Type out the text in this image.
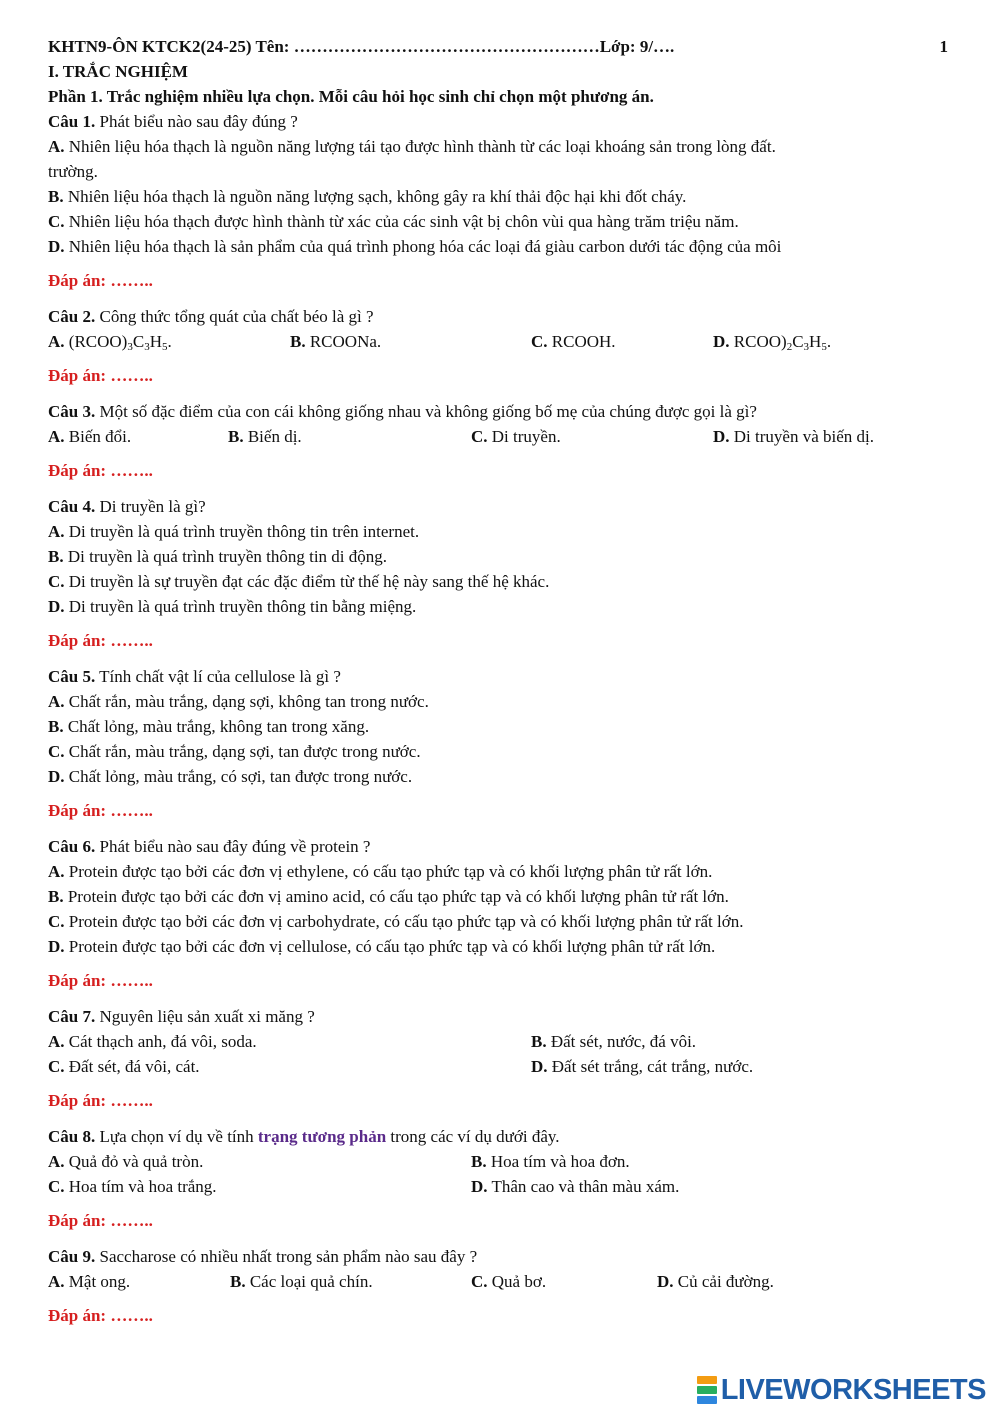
KHTN9-ÔN KTCK2(24-25) Tên: ………………………………………………Lớp: 9/….	1
I. TRẮC NGHIỆM
Phần 1. Trắc nghiệm nhiều lựa chọn. Mỗi câu hỏi học sinh chỉ chọn một phương án.
Câu 1. Phát biểu nào sau đây đúng ?
A. Nhiên liệu hóa thạch là nguồn năng lượng tái tạo được hình thành từ các loại khoáng sản trong lòng đất.
trường.
B. Nhiên liệu hóa thạch là nguồn năng lượng sạch, không gây ra khí thải độc hại khi đốt cháy.
C. Nhiên liệu hóa thạch được hình thành từ xác của các sinh vật bị chôn vùi qua hàng trăm triệu năm.
D. Nhiên liệu hóa thạch là sản phẩm của quá trình phong hóa các loại đá giàu carbon dưới tác động của môi
Đáp án: ……..
Câu 2. Công thức tổng quát của chất béo là gì ?
A. $(RCOO)_3C_3H_5$.	B. RCOONa.	C. RCOOH.	D. $RCOO)_2C_3H_5$.

Đáp án: ……..
Câu 3. Một số đặc điểm của con cái không giống nhau và không giống bố mẹ của chúng được gọi là gì?
A. Biến đổi.	B. Biến dị.	C. Di truyền.	D. Di truyền và biến dị.

Đáp án: ……..
Câu 4. Di truyền là gì?
A. Di truyền là quá trình truyền thông tin trên internet.
B. Di truyền là quá trình truyền thông tin di động.
C. Di truyền là sự truyền đạt các đặc điểm từ thế hệ này sang thế hệ khác.
D. Di truyền là quá trình truyền thông tin bằng miệng.
Đáp án: ……..
Câu 5. Tính chất vật lí của cellulose là gì ?
A. Chất rắn, màu trắng, dạng sợi, không tan trong nước.
B. Chất lỏng, màu trắng, không tan trong xăng.
C. Chất rắn, màu trắng, dạng sợi, tan được trong nước.
D. Chất lỏng, màu trắng, có sợi, tan được trong nước.
Đáp án: ……..
Câu 6. Phát biểu nào sau đây đúng về protein ?
A. Protein được tạo bởi các đơn vị ethylene, có cấu tạo phức tạp và có khối lượng phân tử rất lớn.
B. Protein được tạo bởi các đơn vị amino acid, có cấu tạo phức tạp và có khối lượng phân tử rất lớn.
C. Protein được tạo bởi các đơn vị carbohydrate, có cấu tạo phức tạp và có khối lượng phân tử rất lớn.
D. Protein được tạo bởi các đơn vị cellulose, có cấu tạo phức tạp và có khối lượng phân tử rất lớn.
Đáp án: ……..
Câu 7. Nguyên liệu sản xuất xi măng ?
A. Cát thạch anh, đá vôi, soda.	B. Đất sét, nước, đá vôi.

C. Đất sét, đá vôi, cát.	D. Đất sét trắng, cát trắng, nước.

Đáp án: ……..
Câu 8. Lựa chọn ví dụ về tính trạng tương phản trong các ví dụ dưới đây.
A. Quả đỏ và quả tròn.	B. Hoa tím và hoa đơn.

C. Hoa tím và hoa trắng.	D. Thân cao và thân màu xám.

Đáp án: ……..
Câu 9. Saccharose có nhiều nhất trong sản phẩm nào sau đây ?
A. Mật ong.	B. Các loại quả chín.	C. Quả bơ.	D. Củ cải đường.

Đáp án: ……..
LIVEWORKSHEETS
